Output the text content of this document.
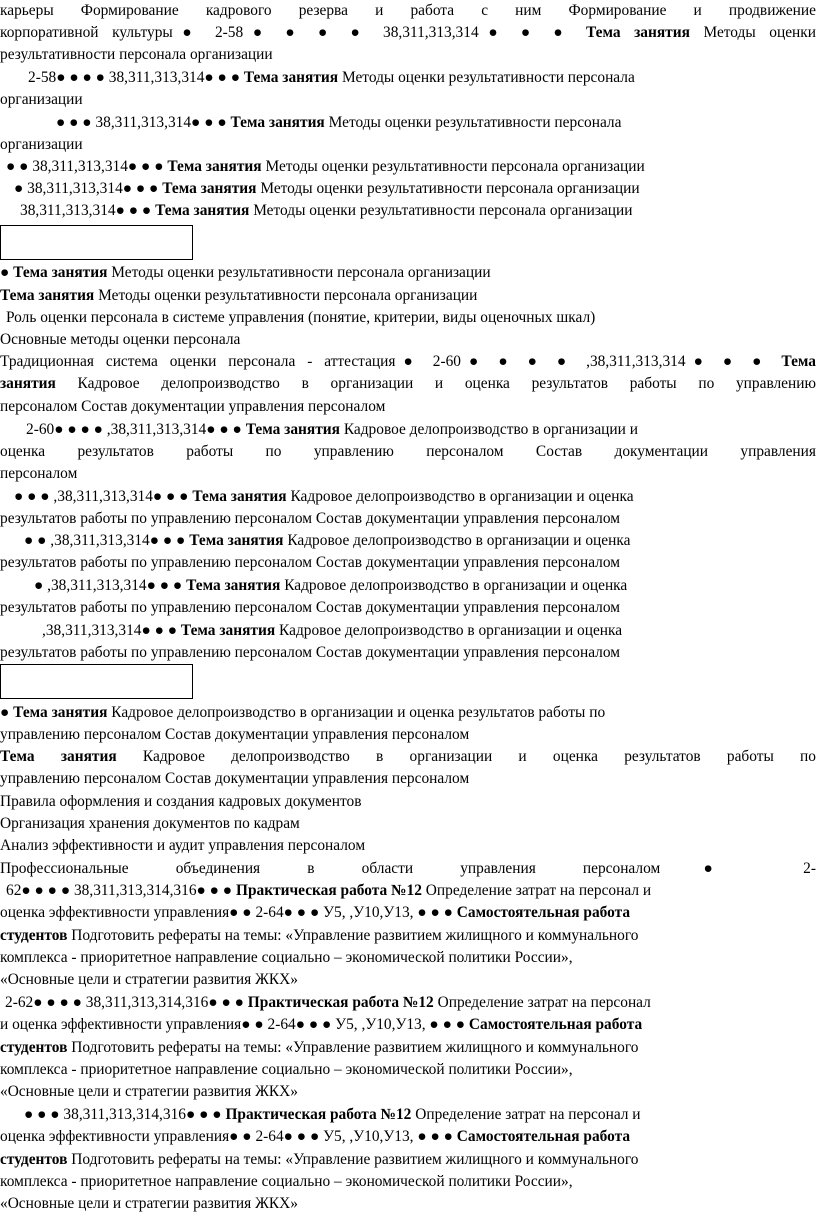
карьеры Формирование кадрового резерва и работа с ним Формирование и продвижение
корпоративной культуры● 2-58● ● ● ● 38,311,313,314● ● ● Тема занятия Методы оценки
результативности персонала организации
2-58● ● ● ● 38,311,313,314● ● ● Тема занятия Методы оценки результативности персонала
организации
● ● ● 38,311,313,314● ● ● Тема занятия Методы оценки результативности персонала
организации
● ● 38,311,313,314● ● ● Тема занятия Методы оценки результативности персонала организации
● 38,311,313,314● ● ● Тема занятия Методы оценки результативности персонала организации
38,311,313,314● ● ● Тема занятия Методы оценки результативности персонала организации
● Тема занятия Методы оценки результативности персонала организации
Тема занятия Методы оценки результативности персонала организации
Роль оценки персонала в системе управления (понятие, критерии, виды оценочных шкал)
Основные методы оценки персонала
Традиционная система оценки персонала - аттестация● 2-60● ● ● ● ,38,311,313,314● ● ● Тема
занятия Кадровое делопроизводство в организации и оценка результатов работы по управлению
персоналом Состав документации управления персоналом
2-60● ● ● ● ,38,311,313,314● ● ● Тема занятия Кадровое делопроизводство в организации и
оценка результатов работы по управлению персоналом Состав документации управления
персоналом
● ● ● ,38,311,313,314● ● ● Тема занятия Кадровое делопроизводство в организации и оценка
результатов работы по управлению персоналом Состав документации управления персоналом
● ● ,38,311,313,314● ● ● Тема занятия Кадровое делопроизводство в организации и оценка
результатов работы по управлению персоналом Состав документации управления персоналом
● ,38,311,313,314● ● ● Тема занятия Кадровое делопроизводство в организации и оценка
результатов работы по управлению персоналом Состав документации управления персоналом
,38,311,313,314● ● ● Тема занятия Кадровое делопроизводство в организации и оценка
результатов работы по управлению персоналом Состав документации управления персоналом
● Тема занятия Кадровое делопроизводство в организации и оценка результатов работы по
управлению персоналом Состав документации управления персоналом
Тема занятия Кадровое делопроизводство в организации и оценка результатов работы по
управлению персоналом Состав документации управления персоналом
Правила оформления и создания кадровых документов
Организация хранения документов по кадрам
Анализ эффективности и аудит управления персоналом
Профессиональные объединения в области управления персоналом● 2-
62● ● ● ● 38,311,313,314,316● ● ● Практическая работа №12 Определение затрат на персонал и
оценка эффективности управления● ● 2-64● ● ● У5, ,У10,У13, ● ● ● Самостоятельная работа
студентов Подготовить рефераты на темы: «Управление развитием жилищного и коммунального
комплекса - приоритетное направление социально – экономической политики России»,
«Основные цели и стратегии развития ЖКХ»
2-62● ● ● ● 38,311,313,314,316● ● ● Практическая работа №12 Определение затрат на персонал
и оценка эффективности управления● ● 2-64● ● ● У5, ,У10,У13, ● ● ● Самостоятельная работа
студентов Подготовить рефераты на темы: «Управление развитием жилищного и коммунального
комплекса - приоритетное направление социально – экономической политики России»,
«Основные цели и стратегии развития ЖКХ»
● ● ● 38,311,313,314,316● ● ● Практическая работа №12 Определение затрат на персонал и
оценка эффективности управления● ● 2-64● ● ● У5, ,У10,У13, ● ● ● Самостоятельная работа
студентов Подготовить рефераты на темы: «Управление развитием жилищного и коммунального
комплекса - приоритетное направление социально – экономической политики России»,
«Основные цели и стратегии развития ЖКХ»
